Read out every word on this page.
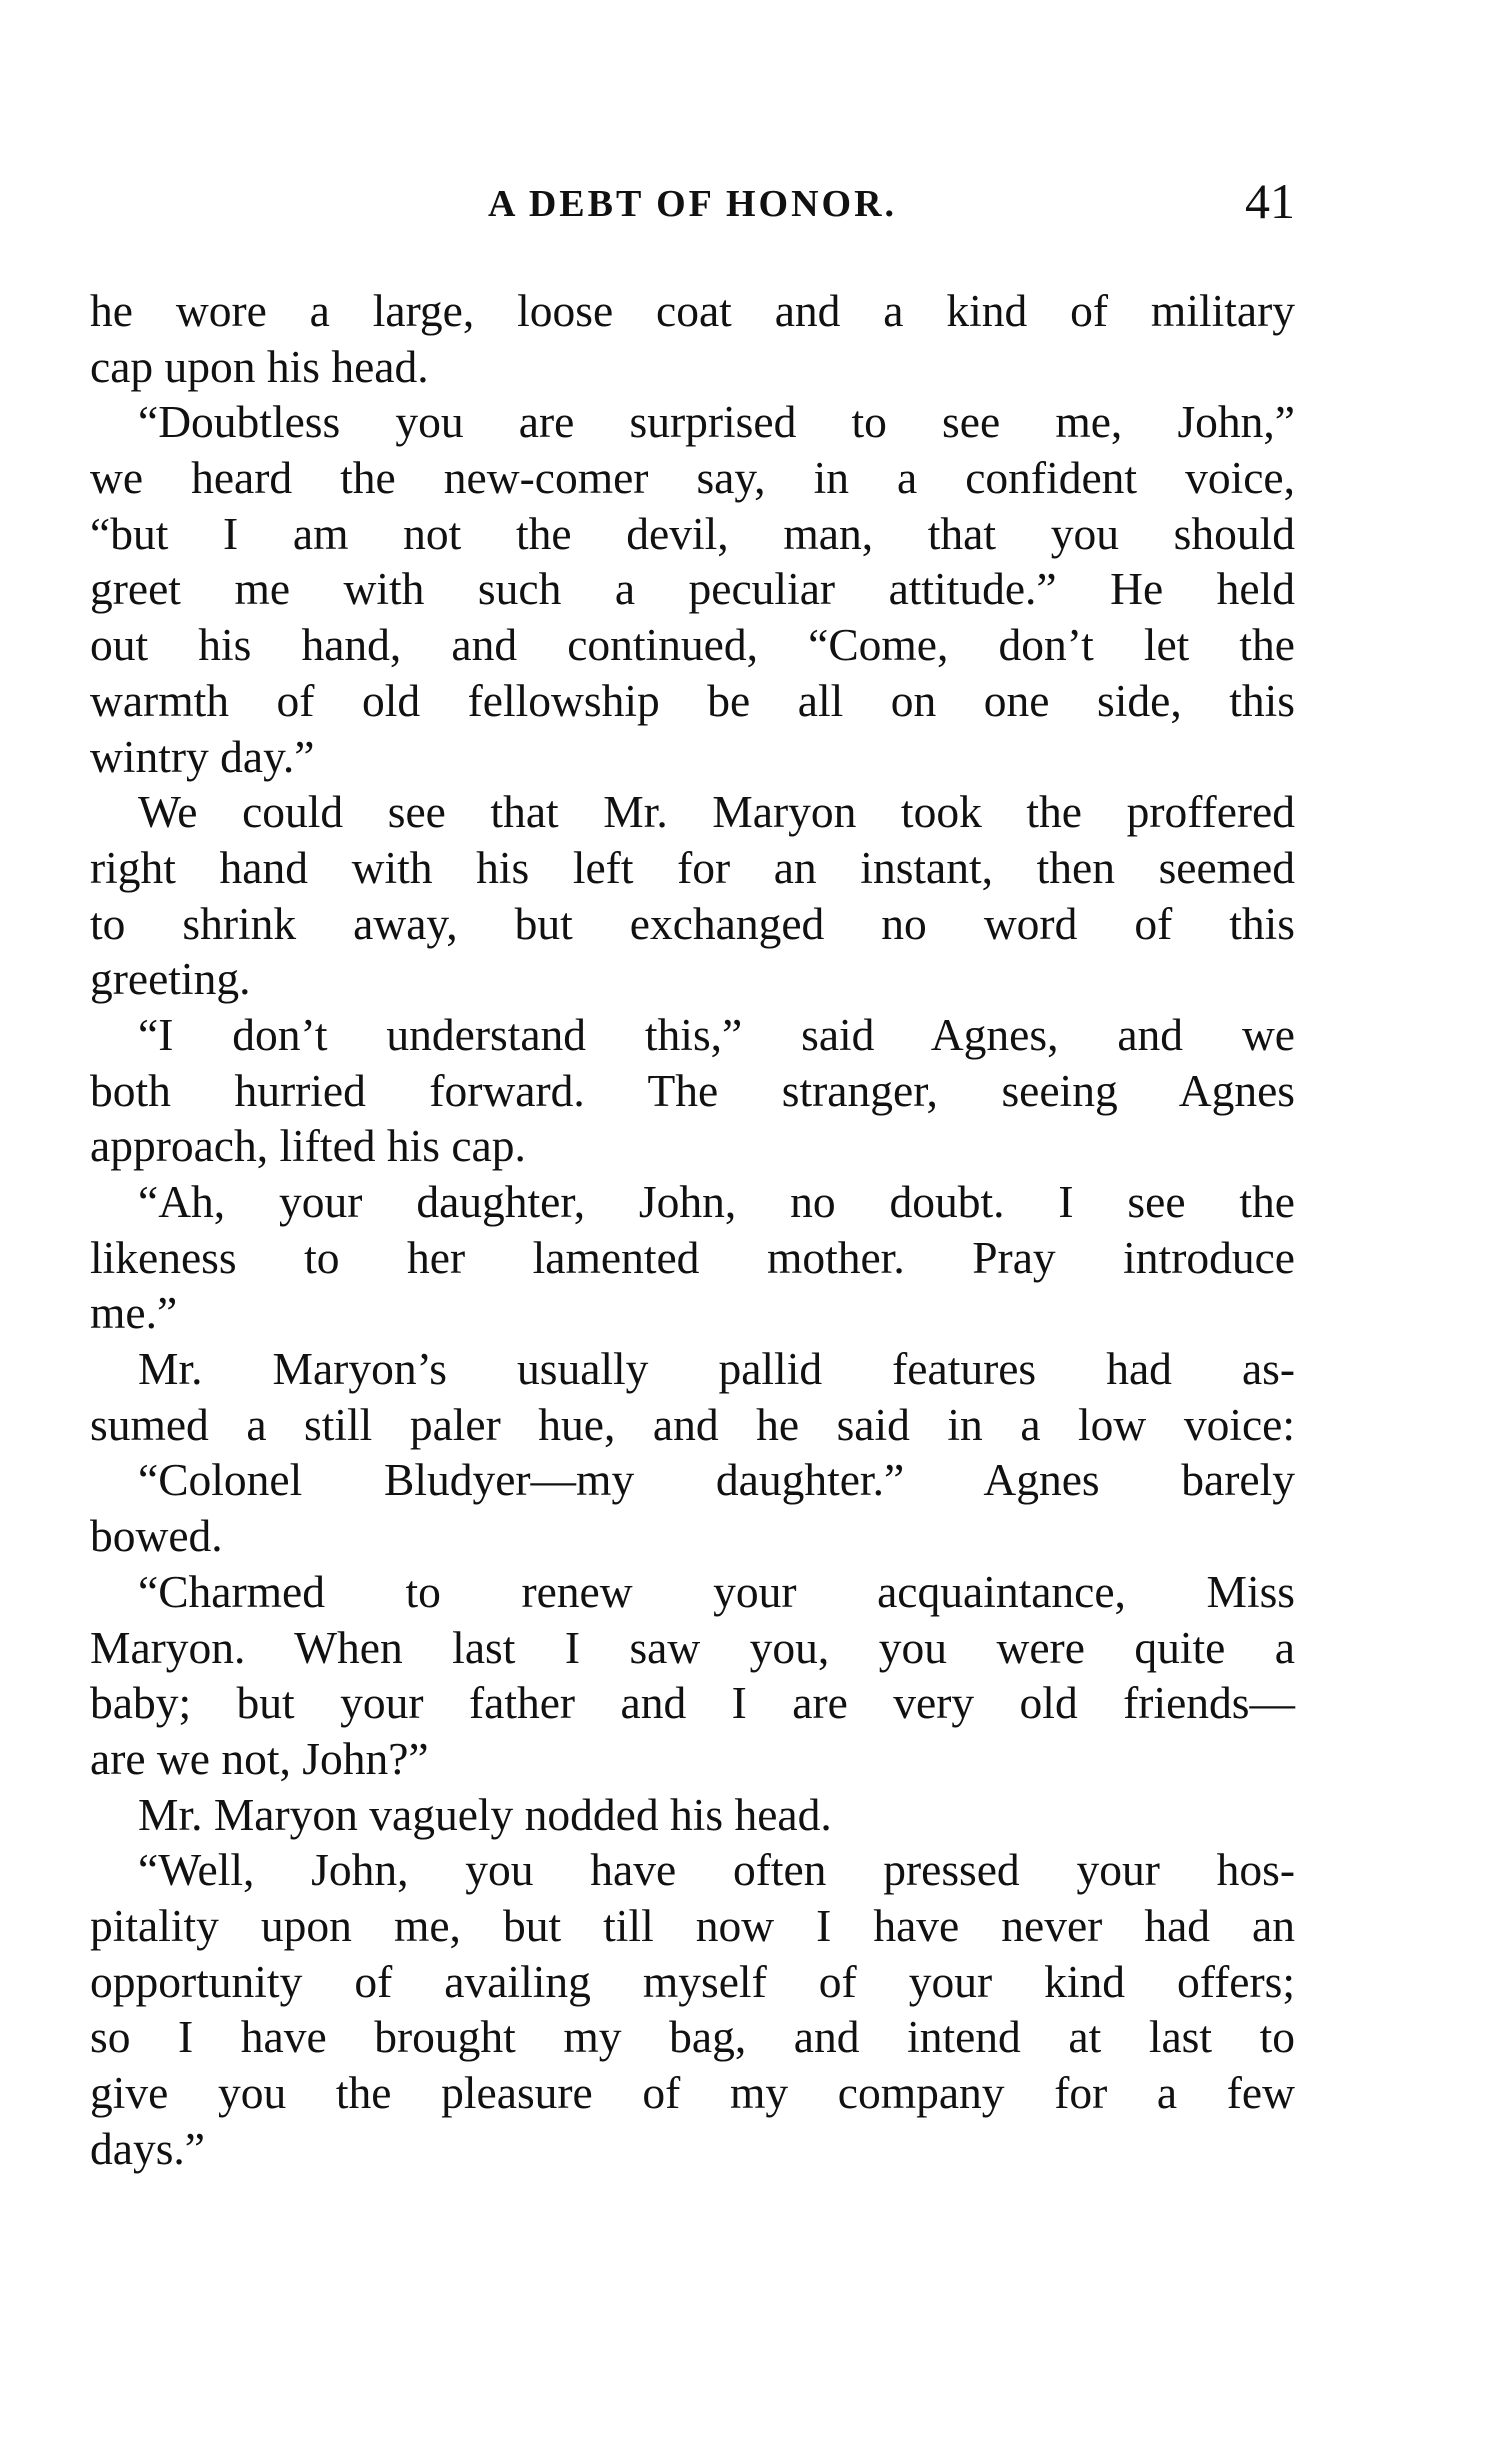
A DEBT OF HONOR.	41
he wore a large, loose coat and a kind of military
cap upon his head.
“Doubtless you are surprised to see me, John,”
we heard the new-comer say, in a confident voice,
“but I am not the devil, man, that you should
greet me with such a peculiar attitude.” He held
out his hand, and continued, “Come, don’t let the
warmth of old fellowship be all on one side, this
wintry day.”
We could see that Mr. Maryon took the proffered
right hand with his left for an instant, then seemed
to shrink away, but exchanged no word of this
greeting.
“I don’t understand this,” said Agnes, and we
both hurried forward. The stranger, seeing Agnes
approach, lifted his cap.
“Ah, your daughter, John, no doubt. I see the
likeness to her lamented mother. Pray introduce
me.”
Mr. Maryon’s usually pallid features had as-
sumed a still paler hue, and he said in a low voice:
“Colonel Bludyer—my daughter.” Agnes barely
bowed.
“Charmed to renew your acquaintance, Miss
Maryon. When last I saw you, you were quite a
baby; but your father and I are very old friends—
are we not, John?”
Mr. Maryon vaguely nodded his head.
“Well, John, you have often pressed your hos-
pitality upon me, but till now I have never had an
opportunity of availing myself of your kind offers;
so I have brought my bag, and intend at last to
give you the pleasure of my company for a few
days.”
